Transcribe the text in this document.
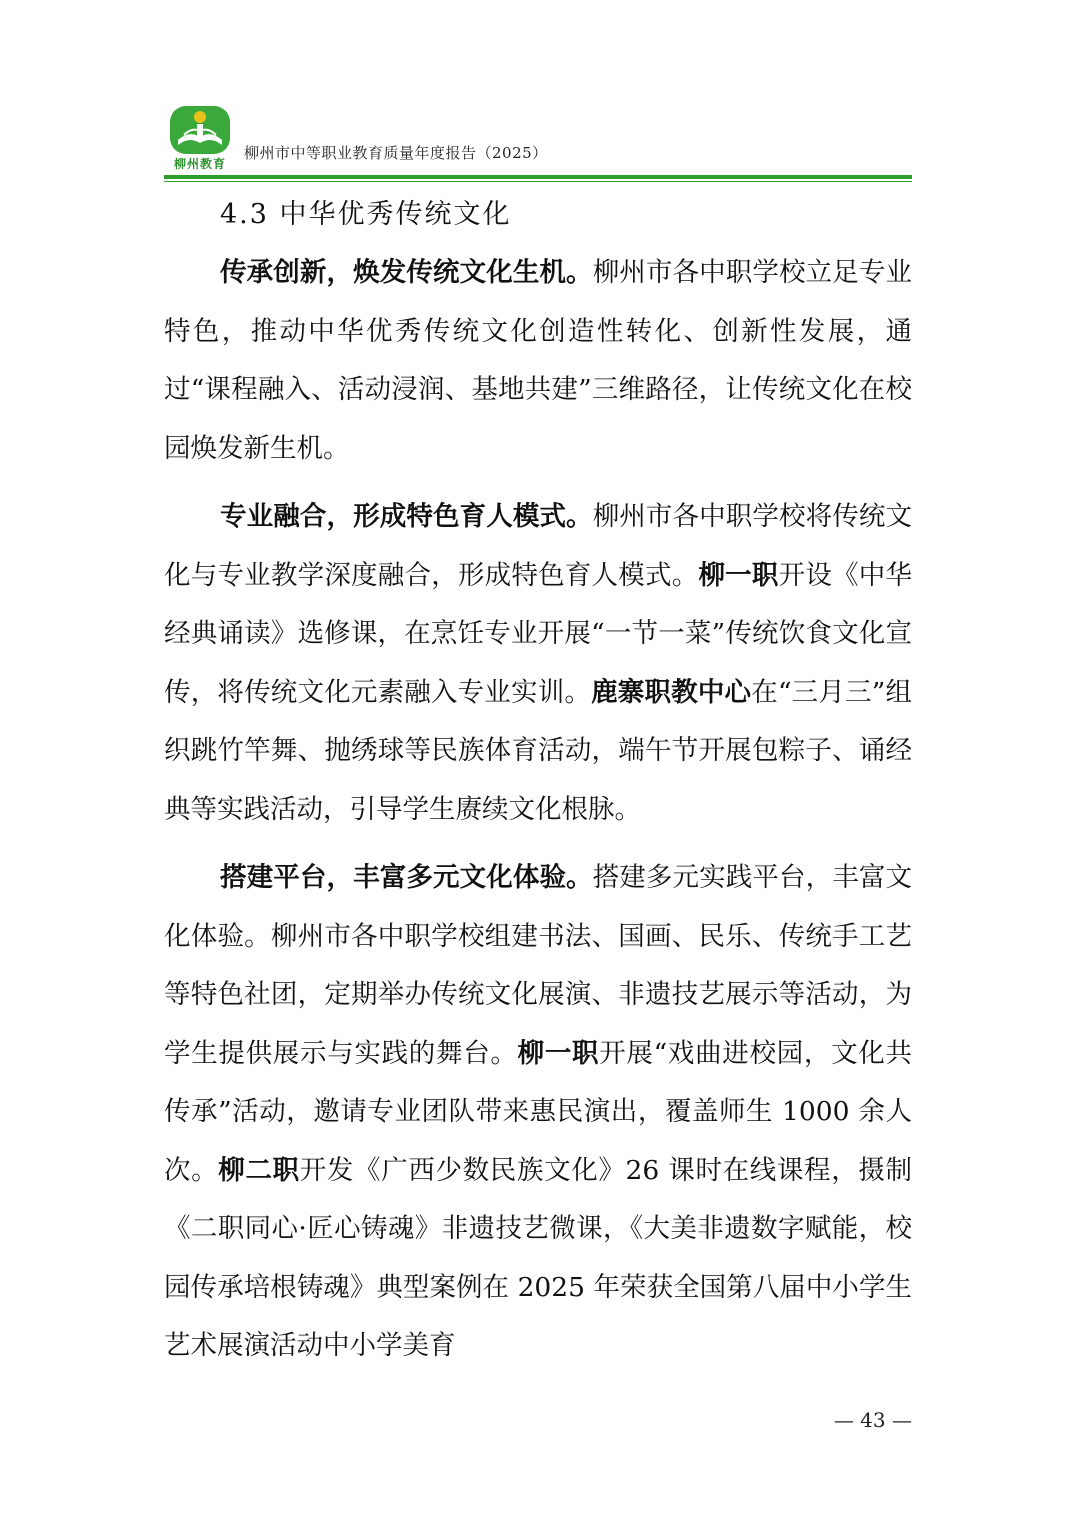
柳州教育
柳州市中等职业教育质量年度报告（2025）
4.3 中华优秀传统文化

传承创新，焕发传统文化生机。柳州市各中职学校立足专业特色，推动中华优秀传统文化创造性转化、创新性发展，通过“课程融入、活动浸润、基地共建”三维路径，让传统文化在校园焕发新生机。

专业融合，形成特色育人模式。柳州市各中职学校将传统文化与专业教学深度融合，形成特色育人模式。柳一职开设《中华经典诵读》选修课，在烹饪专业开展“一节一菜”传统饮食文化宣传，将传统文化元素融入专业实训。鹿寨职教中心在“三月三”组织跳竹竿舞、抛绣球等民族体育活动，端午节开展包粽子、诵经典等实践活动，引导学生赓续文化根脉。

搭建平台，丰富多元文化体验。搭建多元实践平台，丰富文化体验。柳州市各中职学校组建书法、国画、民乐、传统手工艺等特色社团，定期举办传统文化展演、非遗技艺展示等活动，为学生提供展示与实践的舞台。柳一职开展“戏曲进校园，文化共传承”活动，邀请专业团队带来惠民演出，覆盖师生 1000 余人次。柳二职开发《广西少数民族文化》26 课时在线课程，摄制《二职同心·匠心铸魂》非遗技艺微课，《大美非遗数字赋能，校园传承培根铸魂》典型案例在 2025 年荣获全国第八届中小学生艺术展演活动中小学美育

— 43 —
